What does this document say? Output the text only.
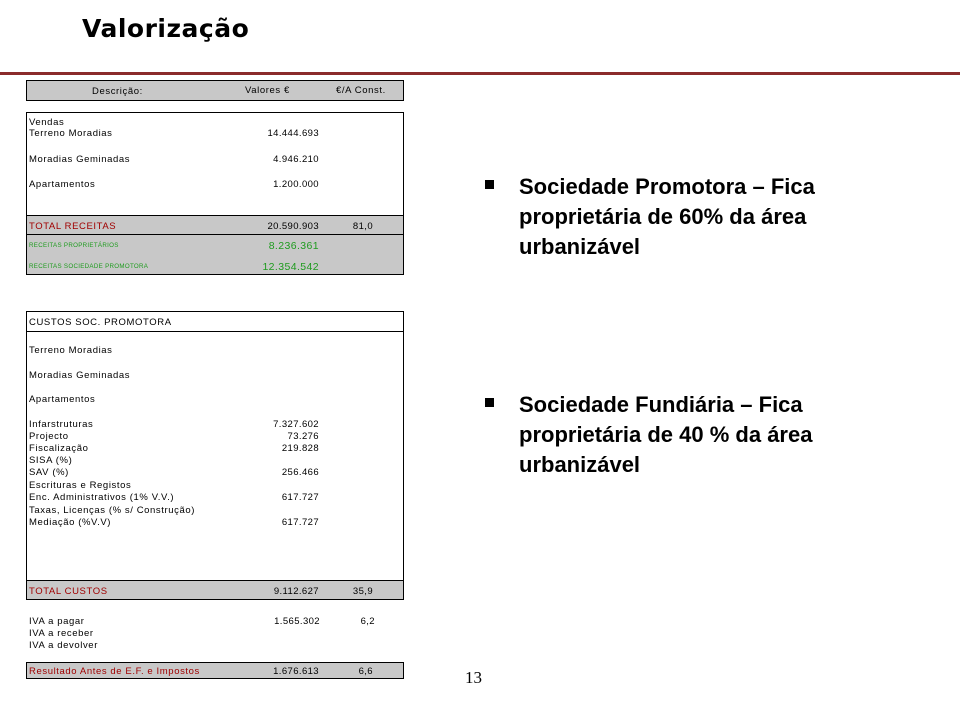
Valorização
Descrição:	Valores €	€/A Const.
Vendas
Terreno Moradias	14.444.693
Moradias Geminadas	4.946.210
Apartamentos	1.200.000
TOTAL RECEITAS	20.590.903	81,0
RECEITAS PROPRIETÁRIOS	8.236.361
RECEITAS SOCIEDADE PROMOTORA	12.354.542
CUSTOS SOC. PROMOTORA
Terreno Moradias
Moradias Geminadas
Apartamentos
Infarstruturas	7.327.602
Projecto	73.276
Fiscalização	219.828
SISA (%)
SAV (%)	256.466
Escrituras e Registos
Enc. Administrativos (1% V.V.)	617.727
Taxas, Licenças (% s/ Construção)
Mediação (%V.V)	617.727
TOTAL CUSTOS	9.112.627	35,9
IVA a pagar	1.565.302	6,2
IVA a receber
IVA a devolver
Resultado Antes de E.F. e Impostos	1.676.613	6,6
Sociedade Promotora – Fica proprietária de 60% da área urbanizável
Sociedade Fundiária – Fica proprietária de 40 % da área urbanizável
13
